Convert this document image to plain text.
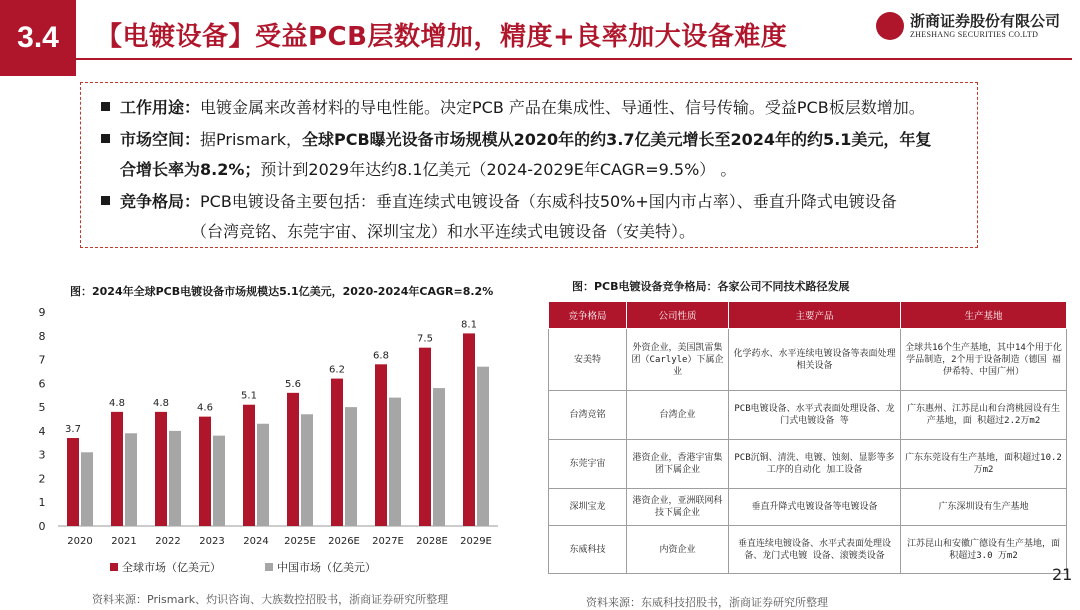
3.4	【电镀设备】受益PCB层数增加，精度+良率加大设备难度
浙商证券股份有限公司
ZHESHANG SECURITIES CO.LTD
工作用途：电镀金属来改善材料的导电性能。决定PCB 产品在集成性、导通性、信号传输。受益PCB板层数增加。
市场空间：据Prismark，全球PCB曝光设备市场规模从2020年的约3.7亿美元增长至2024年的约5.1美元，年复
合增长率为8.2%；预计到2029年达约8.1亿美元（2024-2029E年CAGR=9.5%） 。
竞争格局：PCB电镀设备主要包括：垂直连续式电镀设备（东威科技50%+国内市占率）、垂直升降式电镀设备
（台湾竞铭、东莞宇宙、深圳宝龙）和水平连续式电镀设备（安美特）。
图：2024年全球PCB电镀设备市场规模达5.1亿美元，2020-2024年CAGR=8.2%
0
1
2
3
4
5
6
7
8
9
3.7
2020
4.8
2021
4.8
2022
4.6
2023
5.1
2024
5.6
2025E
6.2
2026E
6.8
2027E
7.5
2028E
8.1
2029E
全球市场（亿美元）	中国市场（亿美元）
资料来源：Prismark、灼识咨询、大族数控招股书，浙商证券研究所整理
图：PCB电镀设备竞争格局：各家公司不同技术路径发展
竞争格局	公司性质	主要产品	生产基地
安美特	外资企业，美国凯雷集团（Carlyle）下属企业	化学药水、水平连续电镀设备等表面处理相关设备	全球共16个生产基地，其中14个用于化学品制造，2个用于设备制造（德国 福伊希特、中国广州）
台湾竞铭	台湾企业	PCB电镀设备、水平式表面处理设备、龙门式电镀设备 等	广东惠州、江苏昆山和台湾桃园设有生产基地，面 积超过2.2万m2
东莞宇宙	港资企业，香港宇宙集团下属企业	PCB沉铜、清洗、电镀、蚀刻、显影等多工序的自动化 加工设备	广东东莞设有生产基地，面积超过10.2万m2
深圳宝龙	港资企业，亚洲联网科技下属企业	垂直升降式电镀设备等电镀设备	广东深圳设有生产基地
东威科技	内资企业	垂直连续电镀设备、水平式表面处理设备、龙门式电镀 设备、滚镀类设备	江苏昆山和安徽广德设有生产基地，面积超过3.0 万m2
资料来源：东威科技招股书，浙商证券研究所整理
21
